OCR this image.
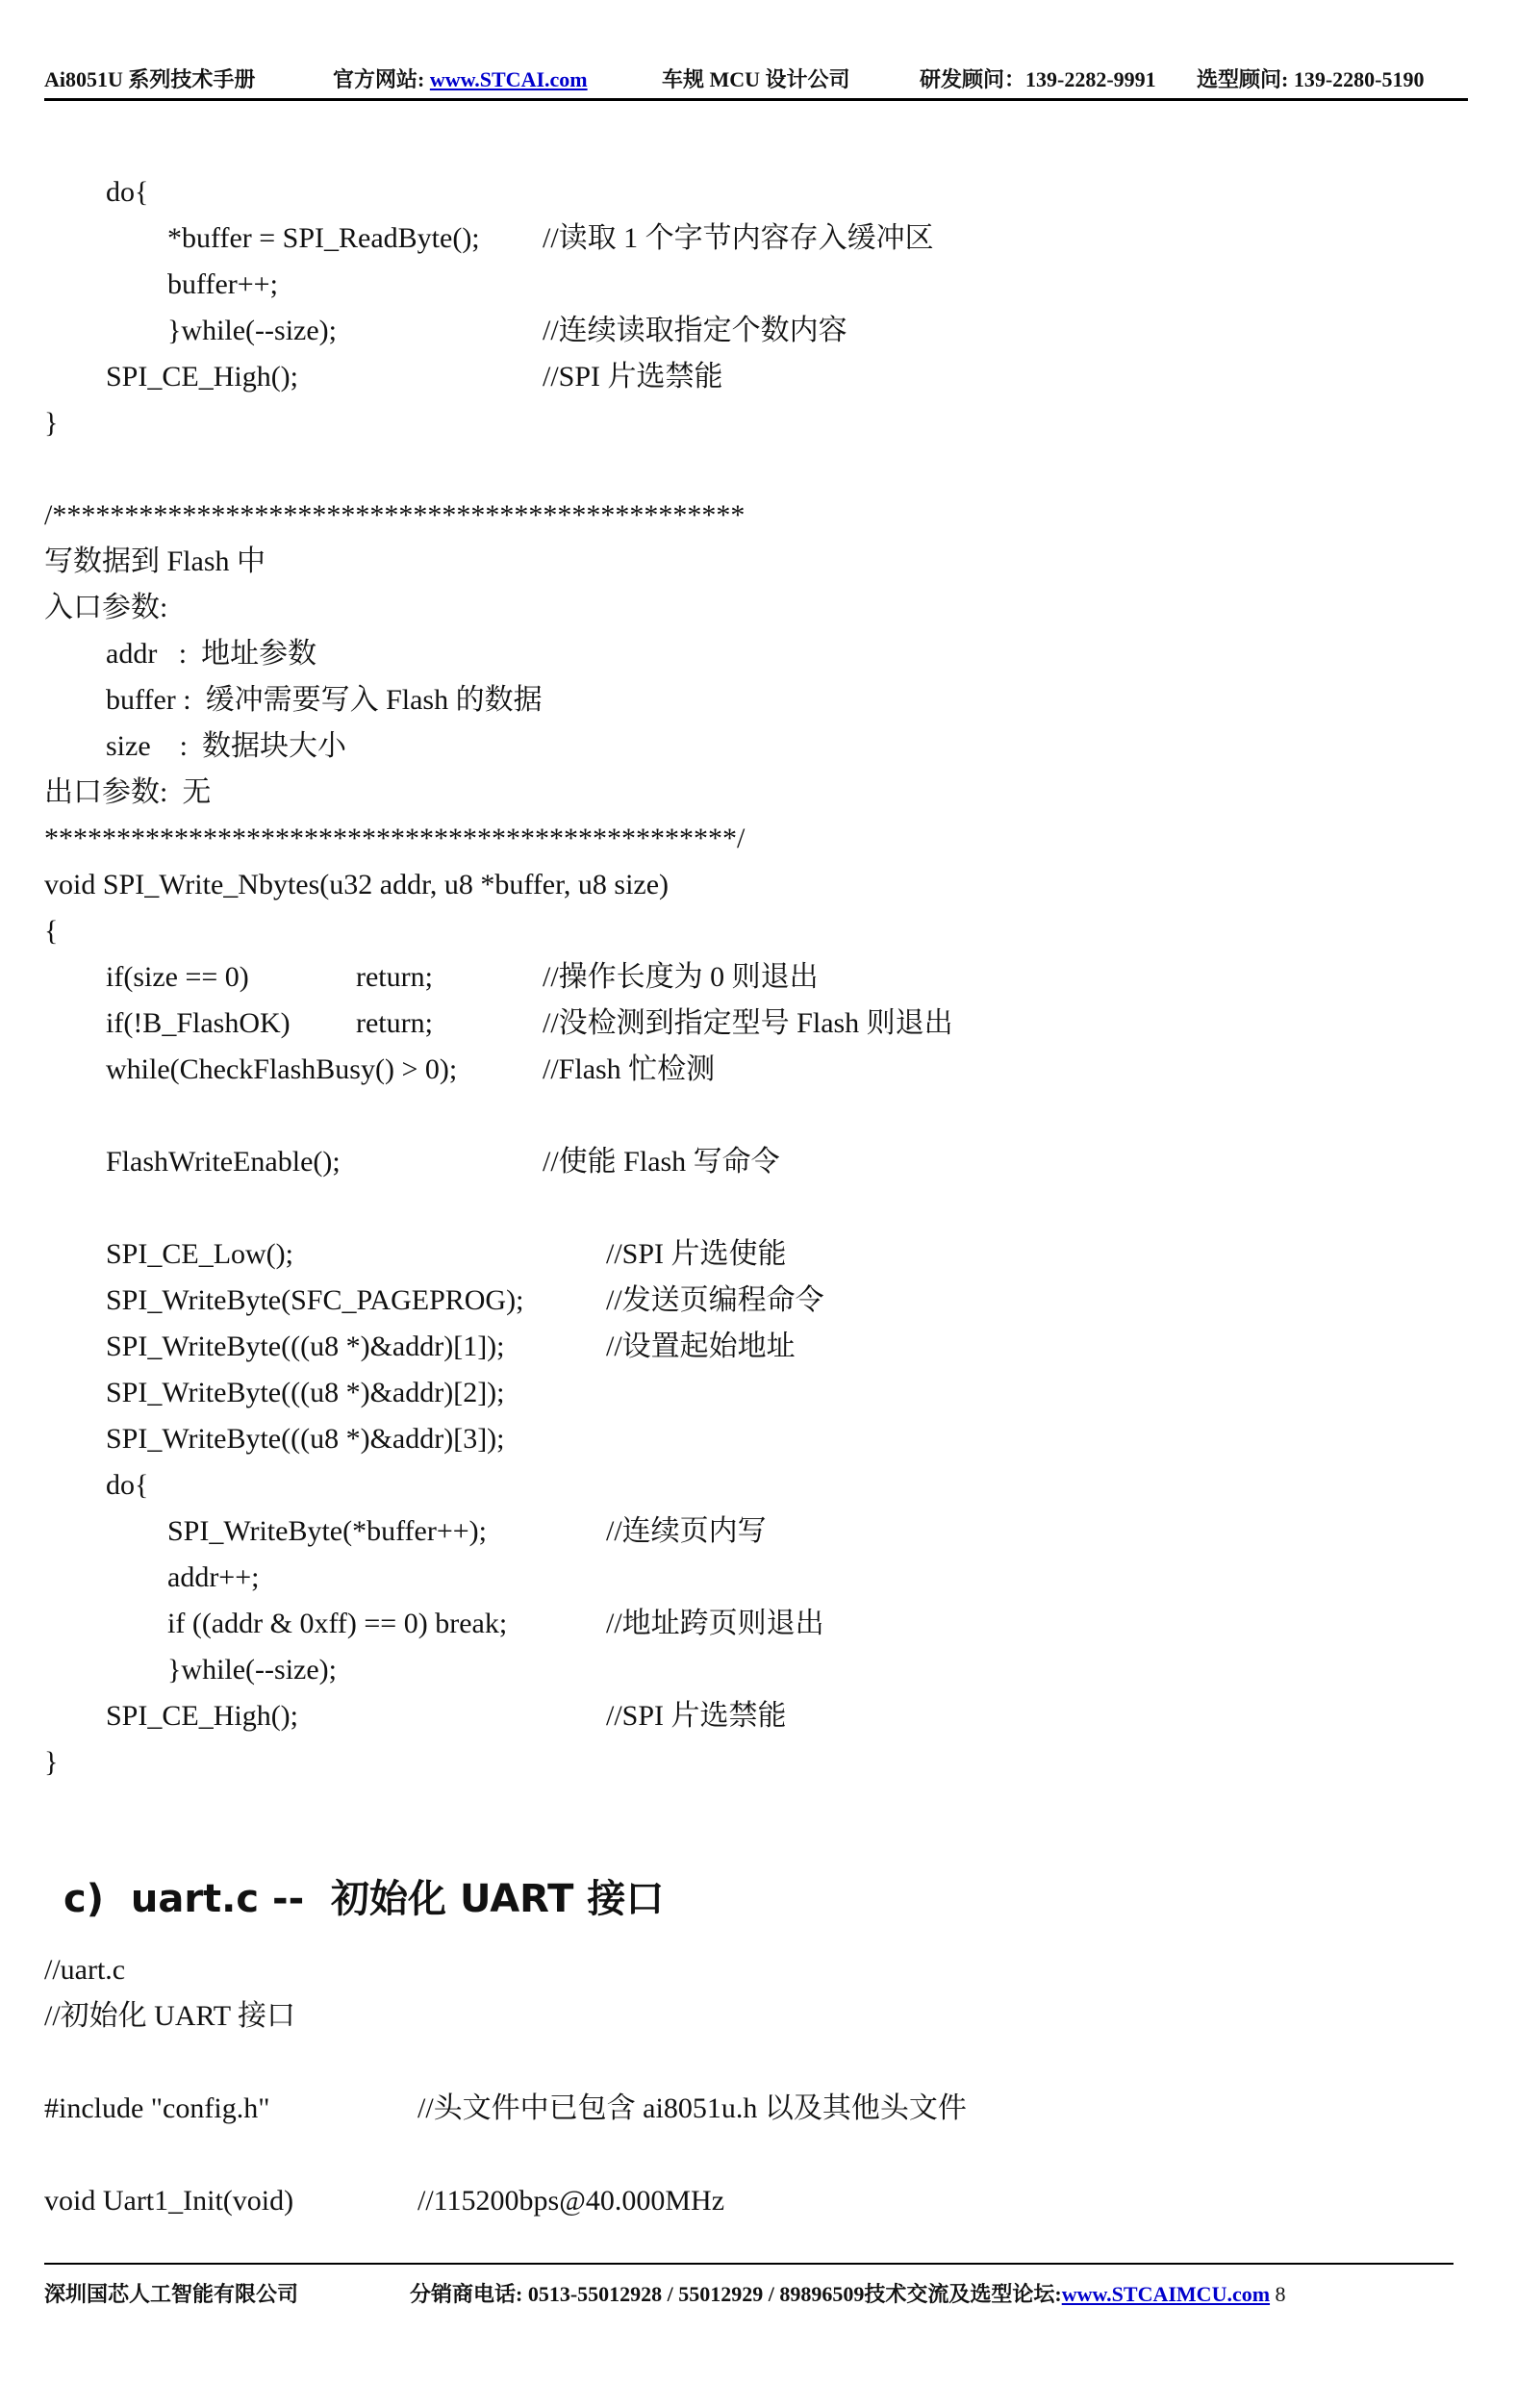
Ai8051U 系列技术手册	官方网站: www.STCAI.com	车规 MCU 设计公司	研发顾问：139-2282-9991 选型顾问: 139-2280-5190
do{
*buffer = SPI_ReadByte(); //读取 1 个字节内容存入缓冲区
buffer++;
}while(--size);	//连续读取指定个数内容
SPI_CE_High();	//SPI 片选禁能
}
/************************************************
写数据到 Flash 中
入口参数:
addr   :  地址参数
buffer :  缓冲需要写入 Flash 的数据
size    :  数据块大小
出口参数:  无
************************************************/
void SPI_Write_Nbytes(u32 addr, u8 *buffer, u8 size)
{
if(size == 0)	return;	//操作长度为 0 则退出
if(!B_FlashOK) return;	//没检测到指定型号 Flash 则退出
while(CheckFlashBusy() > 0);	//Flash 忙检测
FlashWriteEnable();	//使能 Flash 写命令
SPI_CE_Low();	//SPI 片选使能
SPI_WriteByte(SFC_PAGEPROG);	//发送页编程命令
SPI_WriteByte(((u8 *)&addr)[1]);	//设置起始地址
SPI_WriteByte(((u8 *)&addr)[2]);
SPI_WriteByte(((u8 *)&addr)[3]);
do{
SPI_WriteByte(*buffer++);	//连续页内写
addr++;
if ((addr & 0xff) == 0) break;	//地址跨页则退出
}while(--size);
SPI_CE_High();	//SPI 片选禁能
}
//uart.c
//初始化 UART 接口
#include "config.h"	//头文件中已包含 ai8051u.h 以及其他头文件
void Uart1_Init(void)	//115200bps@40.000MHz
c)  uart.c --  初始化 UART 接口
深圳国芯人工智能有限公司	分销商电话: 0513-55012928 / 55012929 / 89896509技术交流及选型论坛:www.STCAIMCU.com 8
